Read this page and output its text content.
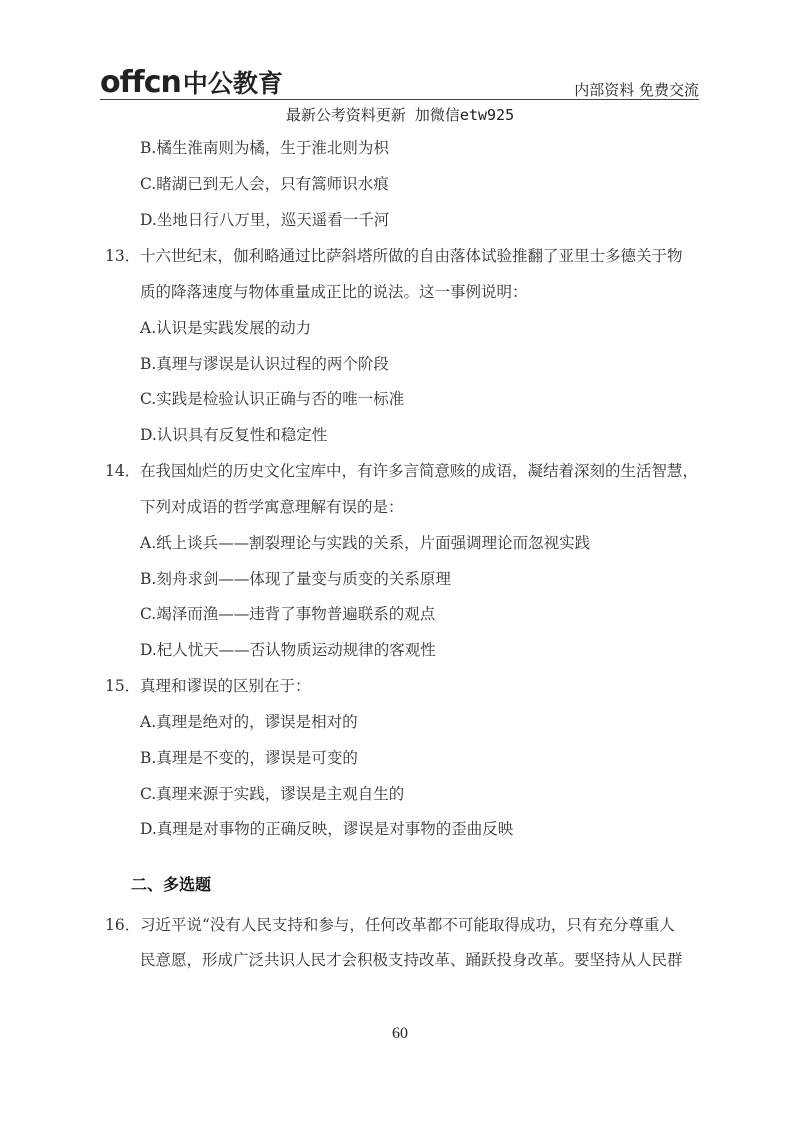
offcn 中公教育	内部资料 免费交流
最新公考资料更新 加微信etw925
B.橘生淮南则为橘，生于淮北则为枳
C.睹湖已到无人会，只有篙师识水痕
D.坐地日行八万里，巡天遥看一千河
13． 十六世纪末，伽利略通过比萨斜塔所做的自由落体试验推翻了亚里士多德关于物
质的降落速度与物体重量成正比的说法。这一事例说明：
A.认识是实践发展的动力
B.真理与谬误是认识过程的两个阶段
C.实践是检验认识正确与否的唯一标准
D.认识具有反复性和稳定性
14． 在我国灿烂的历史文化宝库中，有许多言简意赅的成语，凝结着深刻的生活智慧，
下列对成语的哲学寓意理解有误的是：
A.纸上谈兵——割裂理论与实践的关系，片面强调理论而忽视实践
B.刻舟求剑——体现了量变与质变的关系原理
C.竭泽而渔——违背了事物普遍联系的观点
D.杞人忧天——否认物质运动规律的客观性
15． 真理和谬误的区别在于：
A.真理是绝对的，谬误是相对的
B.真理是不变的，谬误是可变的
C.真理来源于实践，谬误是主观自生的
D.真理是对事物的正确反映，谬误是对事物的歪曲反映
二、多选题
16． 习近平说“没有人民支持和参与，任何改革都不可能取得成功，只有充分尊重人
民意愿，形成广泛共识人民才会积极支持改革、踊跃投身改革。要坚持从人民群
60
